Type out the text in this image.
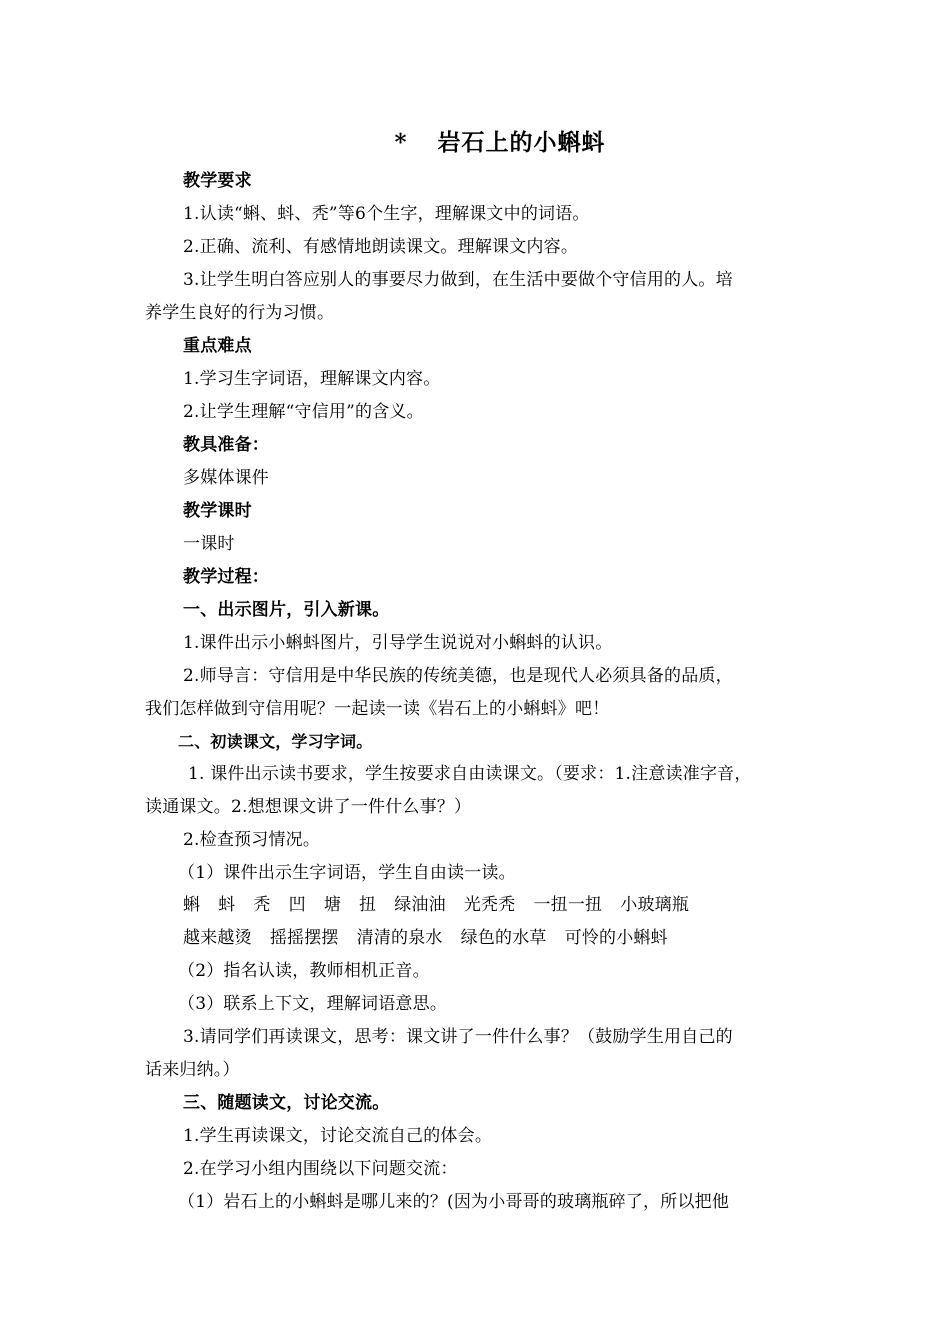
* 岩石上的小蝌蚪
教学要求
1.认读“蝌、蚪、秃”等6个生字，理解课文中的词语。
2.正确、流利、有感情地朗读课文。理解课文内容。
3.让学生明白答应别人的事要尽力做到，在生活中要做个守信用的人。培
养学生良好的行为习惯。
重点难点
1.学习生字词语，理解课文内容。
2.让学生理解“守信用”的含义。
教具准备：
多媒体课件
教学课时
一课时
教学过程：
一、出示图片，引入新课。
1.课件出示小蝌蚪图片，引导学生说说对小蝌蚪的认识。
2.师导言：守信用是中华民族的传统美德，也是现代人必须具备的品质，
我们怎样做到守信用呢？一起读一读《岩石上的小蝌蚪》吧！
二、初读课文，学习字词。
1. 课件出示读书要求，学生按要求自由读课文。（要求：1.注意读准字音，
读通课文。2.想想课文讲了一件什么事？）
2.检查预习情况。
（1）课件出示生字词语，学生自由读一读。
蝌 蚪 秃 凹 塘 扭 绿油油 光秃秃 一扭一扭 小玻璃瓶
越来越烫 摇摇摆摆 清清的泉水 绿色的水草 可怜的小蝌蚪
（2）指名认读，教师相机正音。
（3）联系上下文，理解词语意思。
3.请同学们再读课文，思考：课文讲了一件什么事？（鼓励学生用自己的
话来归纳。）
三、随题读文，讨论交流。
1.学生再读课文，讨论交流自己的体会。
2.在学习小组内围绕以下问题交流：
（1）岩石上的小蝌蚪是哪儿来的？(因为小哥哥的玻璃瓶碎了，所以把他
